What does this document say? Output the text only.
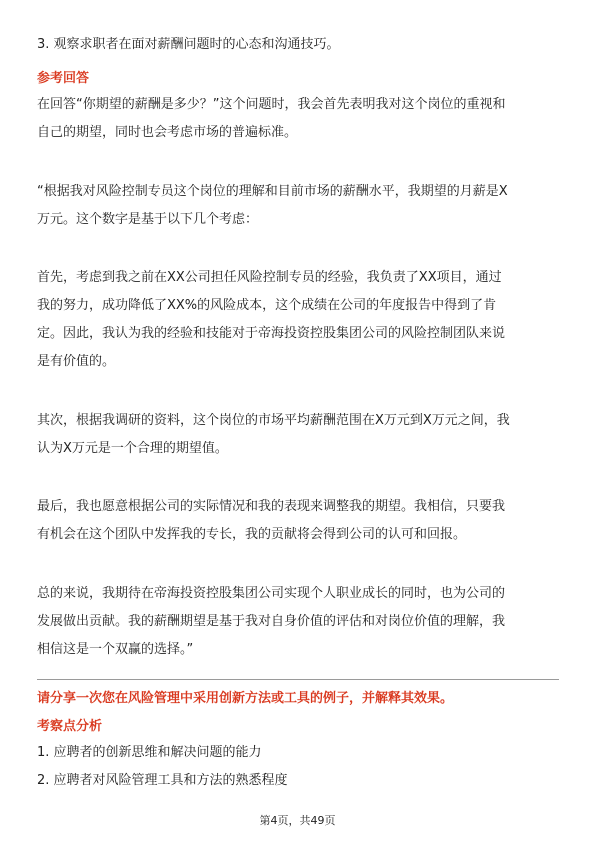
3. 观察求职者在面对薪酬问题时的心态和沟通技巧。
参考回答
在回答“你期望的薪酬是多少？”这个问题时，我会首先表明我对这个岗位的重视和
自己的期望，同时也会考虑市场的普遍标准。
“根据我对风险控制专员这个岗位的理解和目前市场的薪酬水平，我期望的月薪是X
万元。这个数字是基于以下几个考虑：
首先，考虑到我之前在XX公司担任风险控制专员的经验，我负责了XX项目，通过
我的努力，成功降低了XX%的风险成本，这个成绩在公司的年度报告中得到了肯
定。因此，我认为我的经验和技能对于帝海投资控股集团公司的风险控制团队来说
是有价值的。
其次，根据我调研的资料，这个岗位的市场平均薪酬范围在X万元到X万元之间，我
认为X万元是一个合理的期望值。
最后，我也愿意根据公司的实际情况和我的表现来调整我的期望。我相信，只要我
有机会在这个团队中发挥我的专长，我的贡献将会得到公司的认可和回报。
总的来说，我期待在帝海投资控股集团公司实现个人职业成长的同时，也为公司的
发展做出贡献。我的薪酬期望是基于我对自身价值的评估和对岗位价值的理解，我
相信这是一个双赢的选择。”
请分享一次您在风险管理中采用创新方法或工具的例子，并解释其效果。
考察点分析
1. 应聘者的创新思维和解决问题的能力
2. 应聘者对风险管理工具和方法的熟悉程度
第4页，共49页
